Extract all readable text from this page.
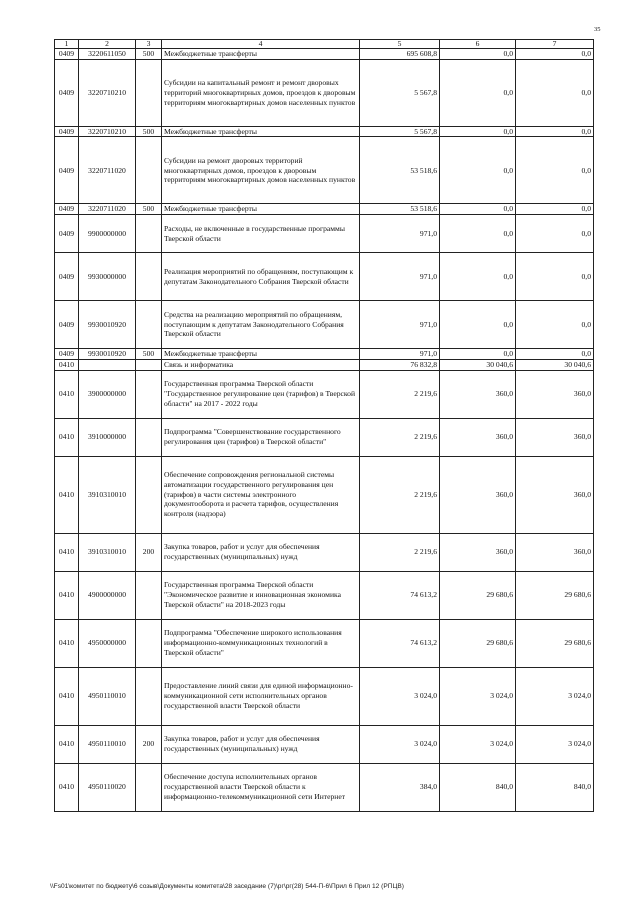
35
1	2	3	4	5	6	7
0409	3220611050	500	Межбюджетные трансферты	695 608,8	0,0	0,0
0409	3220710210		Субсидии на капитальный ремонт и ремонт дворовых территорий многоквартирных домов, проездов к дворовым территориям многоквартирных домов населенных пунктов	5 567,8	0,0	0,0
0409	3220710210	500	Межбюджетные трансферты	5 567,8	0,0	0,0
0409	3220711020		Субсидии на ремонт дворовых территорий многоквартирных домов, проездов к дворовым территориям многоквартирных домов населенных пунктов	53 518,6	0,0	0,0
0409	3220711020	500	Межбюджетные трансферты	53 518,6	0,0	0,0
0409	9900000000		Расходы, не включенные в государственные программы Тверской области	971,0	0,0	0,0
0409	9930000000		Реализация мероприятий по обращениям, поступающим к депутатам Законодательного Собрания Тверской области	971,0	0,0	0,0
0409	9930010920		Средства на реализацию мероприятий по обращениям, поступающим к депутатам Законодательного Собрания Тверской области	971,0	0,0	0,0
0409	9930010920	500	Межбюджетные трансферты	971,0	0,0	0,0
0410			Связь и информатика	76 832,8	30 040,6	30 040,6
0410	3900000000		Государственная программа Тверской области "Государственное регулирование цен (тарифов) в Тверской области" на 2017 - 2022 годы	2 219,6	360,0	360,0
0410	3910000000		Подпрограмма "Совершенствование государственного регулирования цен (тарифов) в Тверской области"	2 219,6	360,0	360,0
0410	3910310010		Обеспечение сопровождения региональной системы автоматизации государственного регулирования цен (тарифов) в части системы электронного документооборота и расчета тарифов, осуществления контроля (надзора)	2 219,6	360,0	360,0
0410	3910310010	200	Закупка товаров, работ и услуг для обеспечения государственных (муниципальных) нужд	2 219,6	360,0	360,0
0410	4900000000		Государственная программа Тверской области "Экономическое развитие и инновационная экономика Тверской области" на 2018-2023 годы	74 613,2	29 680,6	29 680,6
0410	4950000000		Подпрограмма "Обеспечение широкого использования информационно-коммуникационных технологий в Тверской области"	74 613,2	29 680,6	29 680,6
0410	4950110010		Предоставление линий связи для единой информационно-коммуникационной сети исполнительных органов государственной власти Тверской области	3 024,0	3 024,0	3 024,0
0410	4950110010	200	Закупка товаров, работ и услуг для обеспечения государственных (муниципальных) нужд	3 024,0	3 024,0	3 024,0
0410	4950110020		Обеспечение доступа исполнительных органов государственной власти Тверской области к информационно-телекоммуникационной сети Интернет	384,0	840,0	840,0
\\Fs01\комитет по бюджету\6 созыв\Документы комитета\28 заседание (7)\рг\рг(28) 544-П-6\Прил 6 Прил 12 (РПЦВ)
